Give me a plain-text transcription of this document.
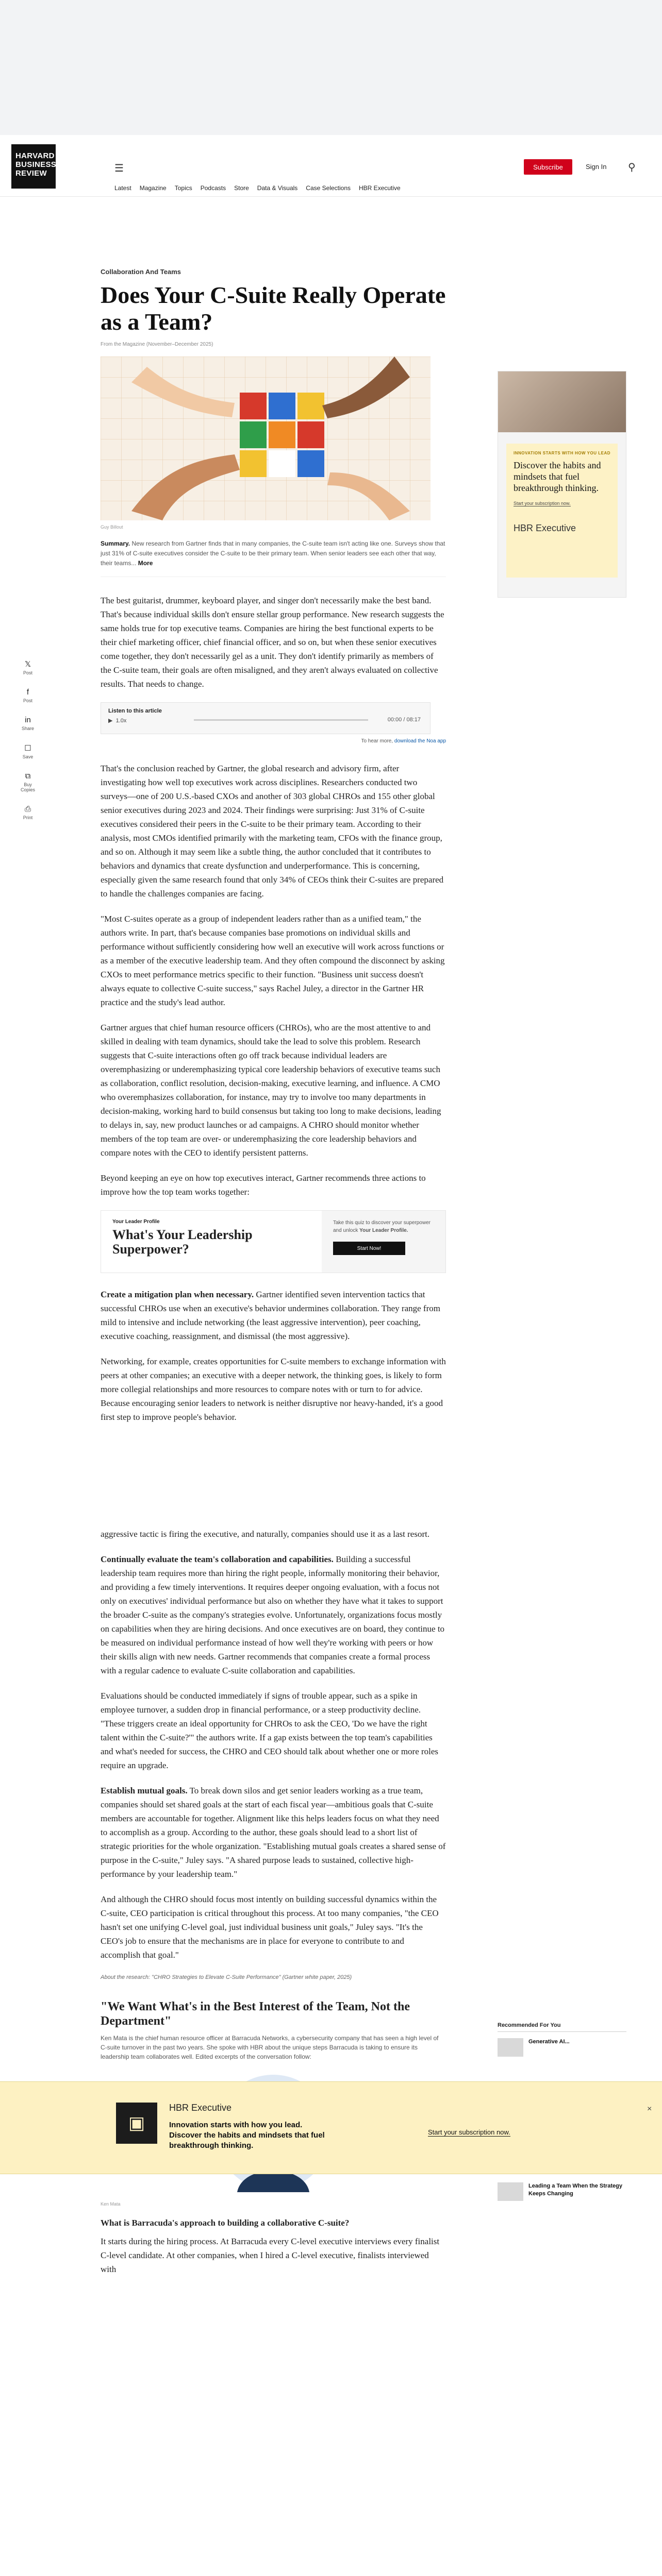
HARVARD BUSINESS REVIEW	☰
Latest Magazine Topics Podcasts Store Data & Visuals Case Selections HBR Executive
Subscribe	Sign In ⚲
𝕏
Post
f
Post
in
Share
☐
Save
⧉
Buy Copies
⎙
Print
Collaboration And Teams
Does Your C-Suite Really Operate as a Team?
From the Magazine (November–December 2025)
Guy Billout
Summary. New research from Gartner finds that in many companies, the C-suite team isn't acting like one. Surveys show that just 31% of C-suite executives consider the C-suite to be their primary team. When senior leaders see each other that way, their teams... More

The best guitarist, drummer, keyboard player, and singer don't necessarily make the best band. That's because individual skills don't ensure stellar group performance. New research suggests the same holds true for top executive teams. Companies are hiring the best functional experts to be their chief marketing officer, chief financial officer, and so on, but when these senior executives come together, they don't necessarily gel as a unit. They don't identify primarily as members of the C-suite team, their goals are often misaligned, and they aren't always evaluated on collective results. That needs to change.

Listen to this article
▶ 1.0x	00:00 / 08:17
To hear more, download the Noa app

That's the conclusion reached by Gartner, the global research and advisory firm, after investigating how well top executives work across disciplines. Researchers conducted two surveys—one of 200 U.S.-based CXOs and another of 303 global CHROs and 155 other global senior executives during 2023 and 2024. Their findings were surprising: Just 31% of C-suite executives considered their peers in the C-suite to be their primary team. According to their analysis, most CMOs identified primarily with the marketing team, CFOs with the finance group, and so on. Although it may seem like a subtle thing, the author concluded that it contributes to behaviors and dynamics that create dysfunction and underperformance. This is concerning, especially given the same research found that only 34% of CEOs think their C-suites are prepared to handle the challenges companies are facing.

"Most C-suites operate as a group of independent leaders rather than as a unified team," the authors write. In part, that's because companies base promotions on individual skills and performance without sufficiently considering how well an executive will work across functions or as a member of the executive leadership team. And they often compound the disconnect by asking CXOs to meet performance metrics specific to their function. "Business unit success doesn't always equate to collective C-suite success," says Rachel Juley, a director in the Gartner HR practice and the study's lead author.

Gartner argues that chief human resource officers (CHROs), who are the most attentive to and skilled in dealing with team dynamics, should take the lead to solve this problem. Research suggests that C-suite interactions often go off track because individual leaders are overemphasizing or underemphasizing typical core leadership behaviors of executive teams such as collaboration, conflict resolution, decision-making, executive learning, and influence. A CMO who overemphasizes collaboration, for instance, may try to involve too many departments in decision-making, working hard to build consensus but taking too long to make decisions, leading to delays in, say, new product launches or ad campaigns. A CHRO should monitor whether members of the top team are over- or underemphasizing the core leadership behaviors and compare notes with the CEO to identify persistent patterns.

Beyond keeping an eye on how top executives interact, Gartner recommends three actions to improve how the top team works together:

Your Leader Profile
What's Your Leadership Superpower?
Take this quiz to discover your superpower and unlock Your Leader Profile.
Start Now!

Create a mitigation plan when necessary. Gartner identified seven intervention tactics that successful CHROs use when an executive's behavior undermines collaboration. They range from mild to intensive and include networking (the least aggressive intervention), peer coaching, executive coaching, reassignment, and dismissal (the most aggressive).

Networking, for example, creates opportunities for C-suite members to exchange information with peers at other companies; an executive with a deeper network, the thinking goes, is likely to form more collegial relationships and more resources to compare notes with or turn to for advice. Because encouraging senior leaders to network is neither disruptive nor heavy-handed, it's a good first step to improve people's behavior.

aggressive tactic is firing the executive, and naturally, companies should use it as a last resort.

Continually evaluate the team's collaboration and capabilities. Building a successful leadership team requires more than hiring the right people, informally monitoring their behavior, and providing a few timely interventions. It requires deeper ongoing evaluation, with a focus not only on executives' individual performance but also on whether they have what it takes to support the broader C-suite as the company's strategies evolve. Unfortunately, organizations focus mostly on capabilities when they are hiring decisions. And once executives are on board, they continue to be measured on individual performance instead of how well they're working with peers or how their skills align with new needs. Gartner recommends that companies create a formal process with a regular cadence to evaluate C-suite collaboration and capabilities.

Evaluations should be conducted immediately if signs of trouble appear, such as a spike in employee turnover, a sudden drop in financial performance, or a steep productivity decline. "These triggers create an ideal opportunity for CHROs to ask the CEO, 'Do we have the right talent within the C-suite?'" the authors write. If a gap exists between the top team's capabilities and what's needed for success, the CHRO and CEO should talk about whether one or more roles require an upgrade.

Establish mutual goals. To break down silos and get senior leaders working as a true team, companies should set shared goals at the start of each fiscal year—ambitious goals that C-suite members are accountable for together. Alignment like this helps leaders focus on what they need to accomplish as a group. According to the author, these goals should lead to a short list of strategic priorities for the whole organization. "Establishing mutual goals creates a shared sense of purpose in the C-suite," Juley says. "A shared purpose leads to sustained, collective high-performance by your leadership team."

And although the CHRO should focus most intently on building successful dynamics within the C-suite, CEO participation is critical throughout this process. At too many companies, "the CEO hasn't set one unifying C-level goal, just individual business unit goals," Juley says. "It's the CEO's job to ensure that the mechanisms are in place for everyone to contribute to and accomplish that goal."

About the research: "CHRO Strategies to Elevate C-Suite Performance" (Gartner white paper, 2025)
"We Want What's in the Best Interest of the Team, Not the Department"
Ken Mata is the chief human resource officer at Barracuda Networks, a cybersecurity company that has seen a high level of C-suite turnover in the past two years. She spoke with HBR about the unique steps Barracuda is taking to ensure its leadership team collaborates well. Edited excerpts of the conversation follow:
Ken Mata
What is Barracuda's approach to building a collaborative C-suite?

It starts during the hiring process. At Barracuda every C-level executive interviews every finalist C-level candidate. At other companies, when I hired a C-level executive, finalists interviewed with

INNOVATION STARTS WITH HOW YOU LEAD
Discover the habits and mindsets that fuel breakthrough thinking.
Start your subscription now.
HBR Executive
Recommended For You
Generative AI...
Leading a Team When the Strategy Keeps Changing
▣
HBR Executive
Innovation starts with how you lead. Discover the habits and mindsets that fuel breakthrough thinking.
Start your subscription now.
×
